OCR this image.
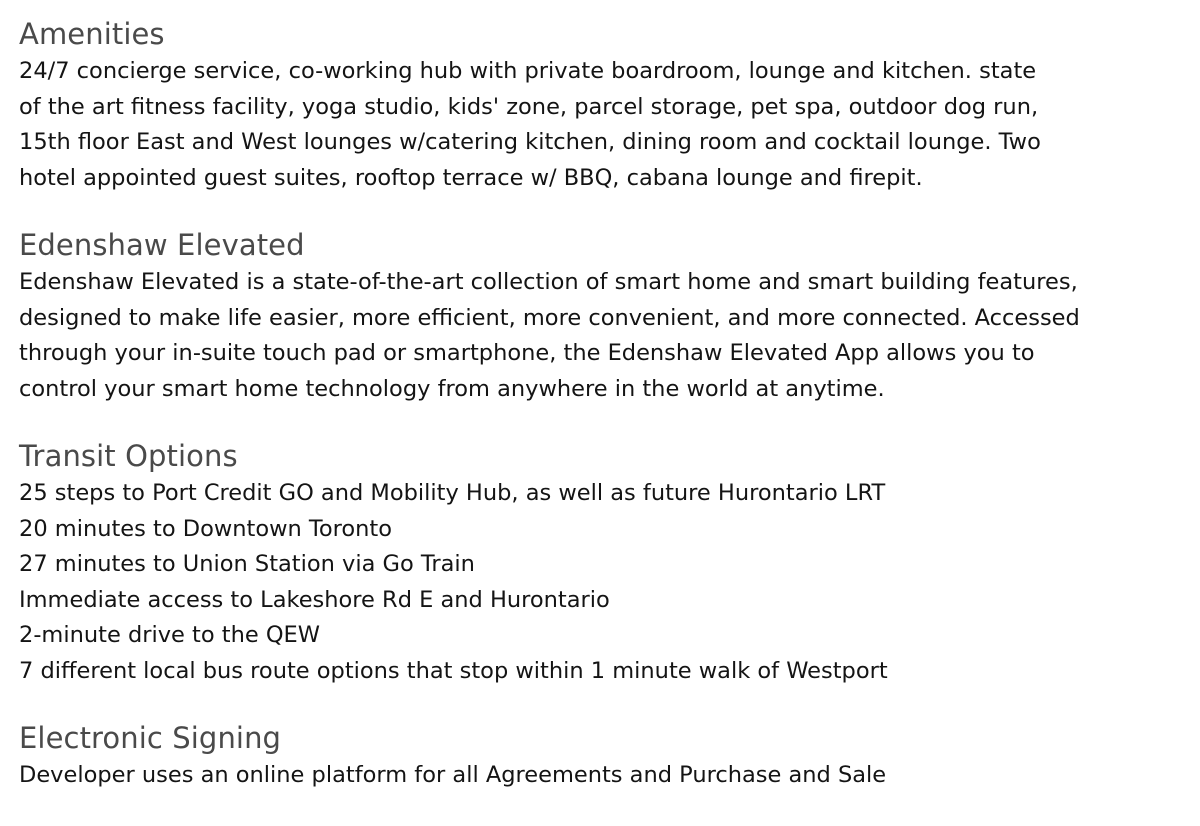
Amenities
24/7 concierge service, co-working hub with private boardroom, lounge and kitchen. state
of the art fitness facility, yoga studio, kids' zone, parcel storage, pet spa, outdoor dog run,
15th floor East and West lounges w/catering kitchen, dining room and cocktail lounge. Two
hotel appointed guest suites, rooftop terrace w/ BBQ, cabana lounge and firepit.
Edenshaw Elevated
Edenshaw Elevated is a state-of-the-art collection of smart home and smart building features,
designed to make life easier, more efficient, more convenient, and more connected. Accessed
through your in-suite touch pad or smartphone, the Edenshaw Elevated App allows you to
control your smart home technology from anywhere in the world at anytime.
Transit Options
25 steps to Port Credit GO and Mobility Hub, as well as future Hurontario LRT
20 minutes to Downtown Toronto
27 minutes to Union Station via Go Train
Immediate access to Lakeshore Rd E and Hurontario
2-minute drive to the QEW
7 different local bus route options that stop within 1 minute walk of Westport
Electronic Signing
Developer uses an online platform for all Agreements and Purchase and Sale
